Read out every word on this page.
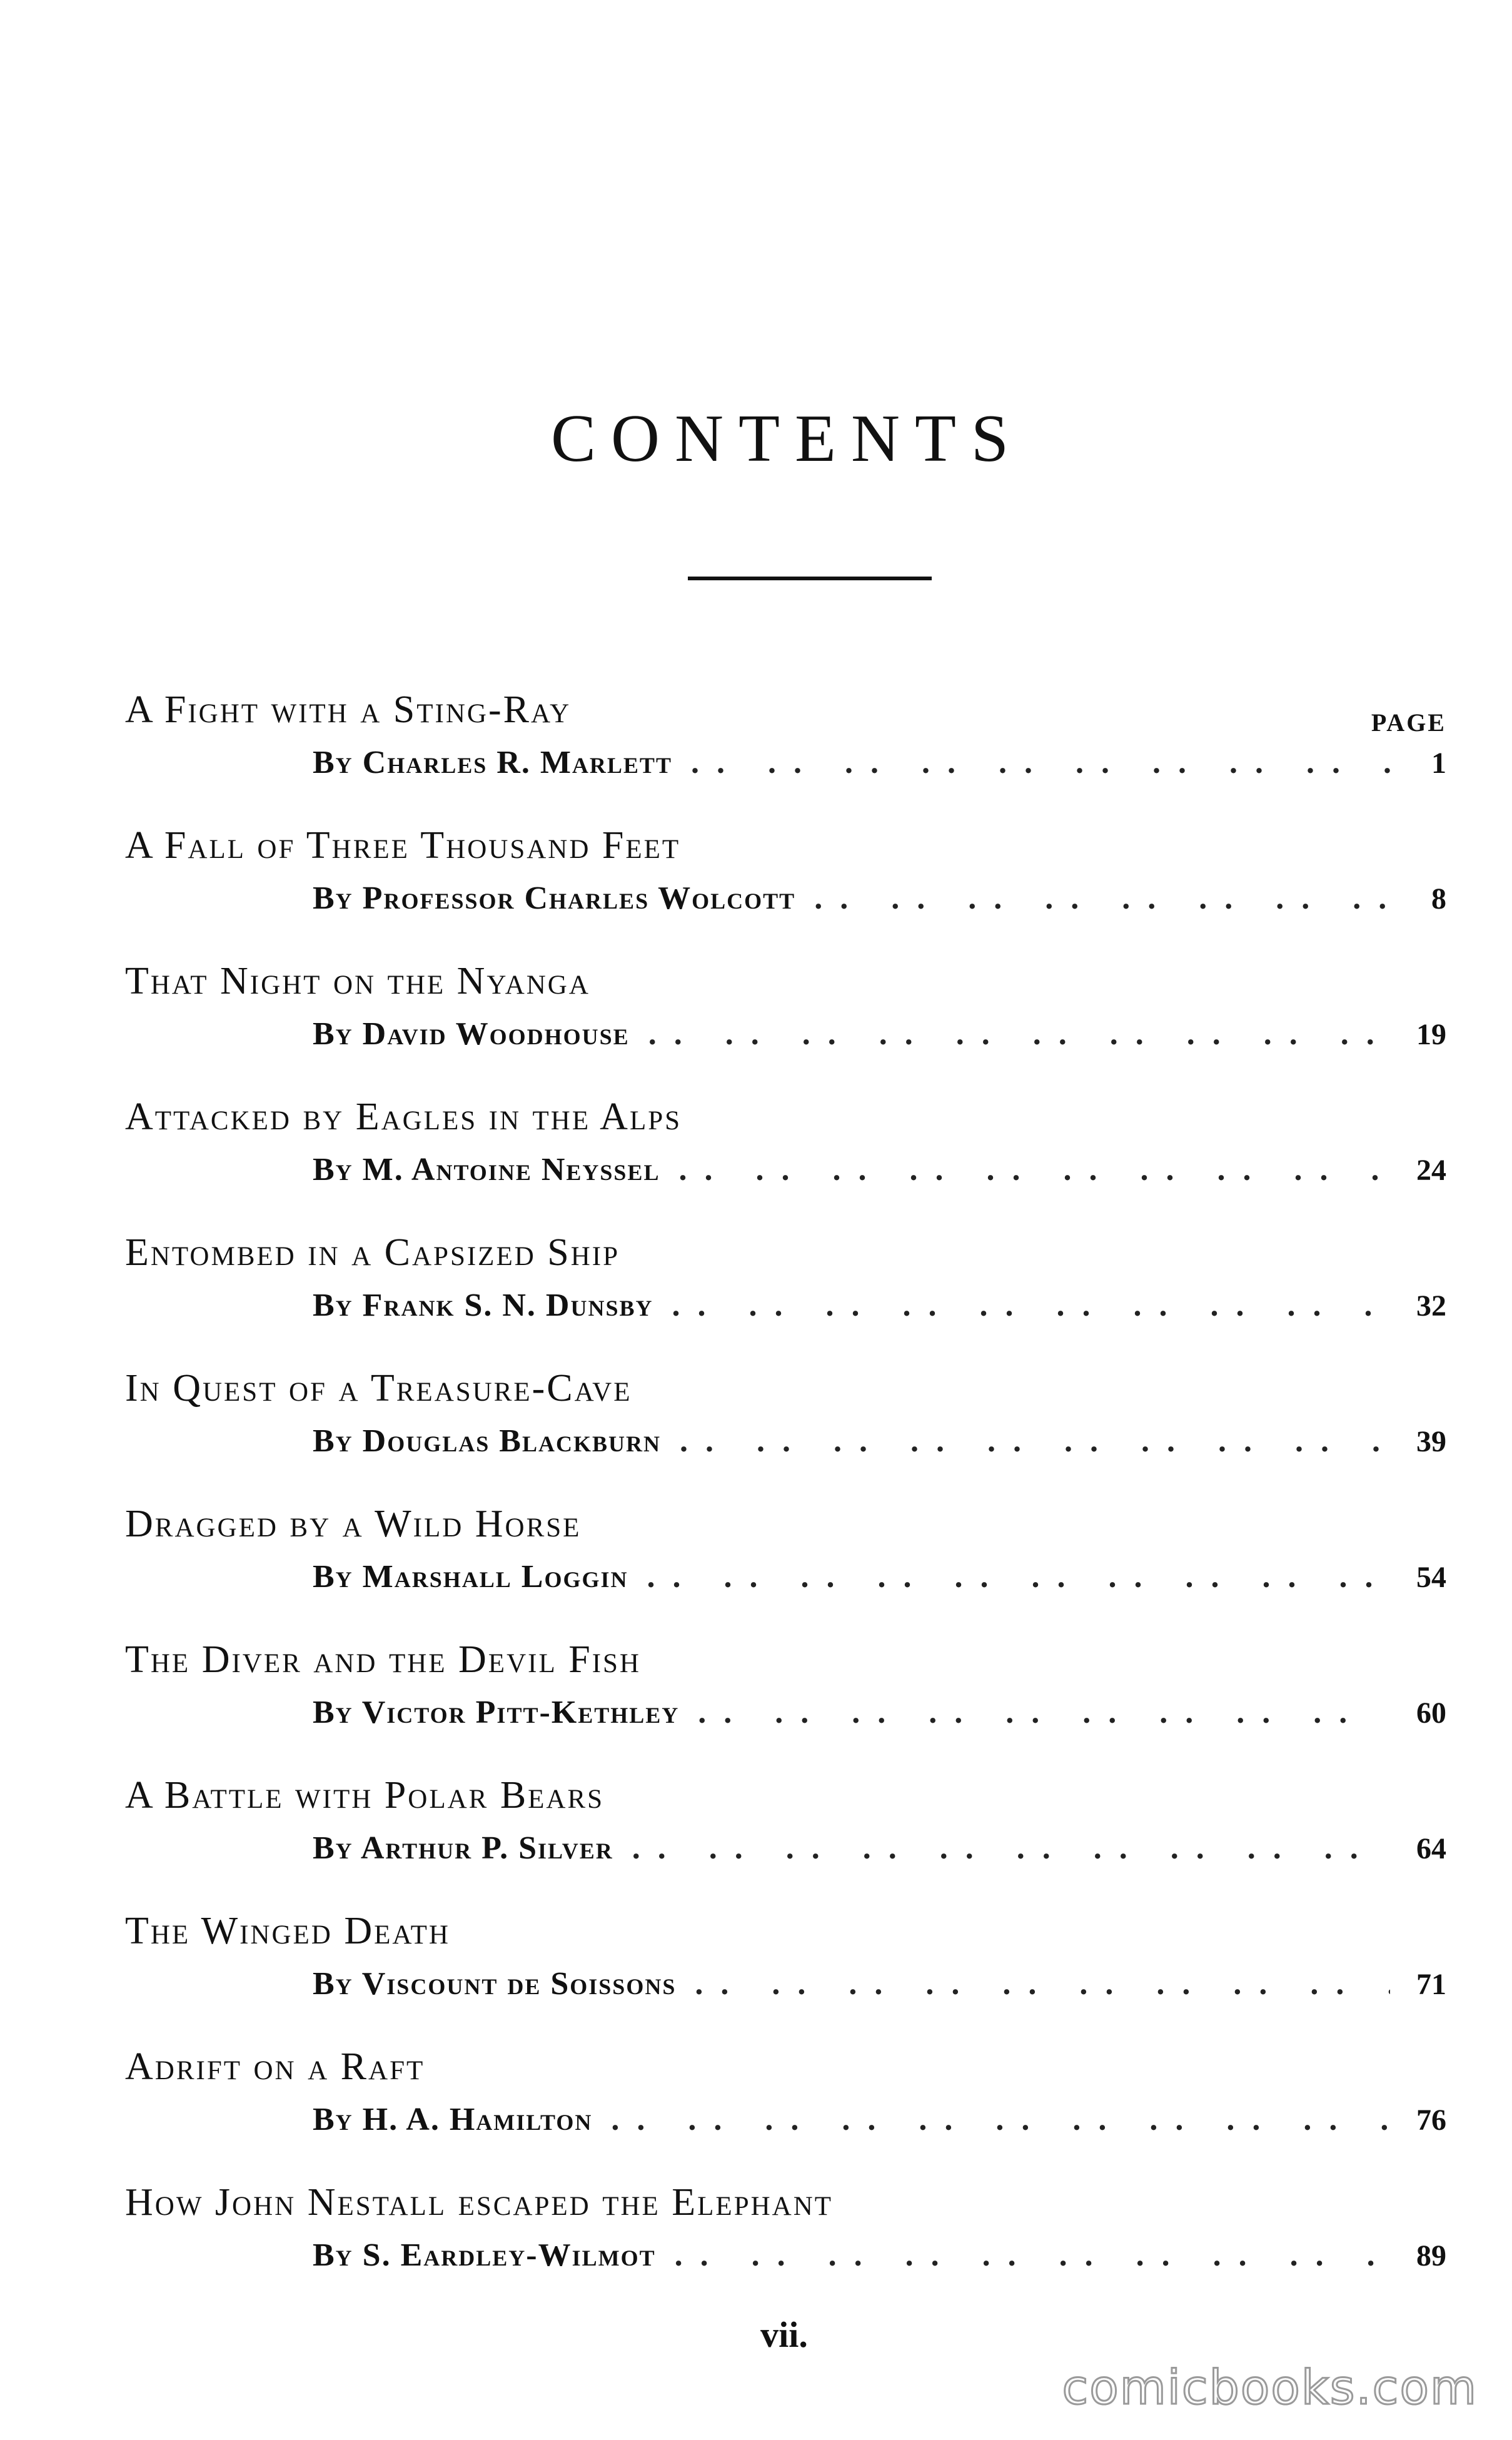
CONTENTS
PAGE
A Fight with a Sting-Ray
By Charles R. Marlett .. ..	1
A Fall of Three Thousand Feet
By Professor Charles Wolcott .. ..	8
That Night on the Nyanga
By David Woodhouse .. ..	19
Attacked by Eagles in the Alps
By M. Antoine Neyssel .. ..	24
Entombed in a Capsized Ship
By Frank S. N. Dunsby .. ..	32
In Quest of a Treasure-Cave
By Douglas Blackburn .. ..	39
Dragged by a Wild Horse
By Marshall Loggin .. ..	54
The Diver and the Devil Fish
By Victor Pitt-Kethley .. ..	60
A Battle with Polar Bears
By Arthur P. Silver .. ..	64
The Winged Death
By Viscount de Soissons .. ..	71
Adrift on a Raft
By H. A. Hamilton .. ..	76
How John Nestall escaped the Elephant
By S. Eardley-Wilmot .. ..	89
vii.
comicbooks.com
